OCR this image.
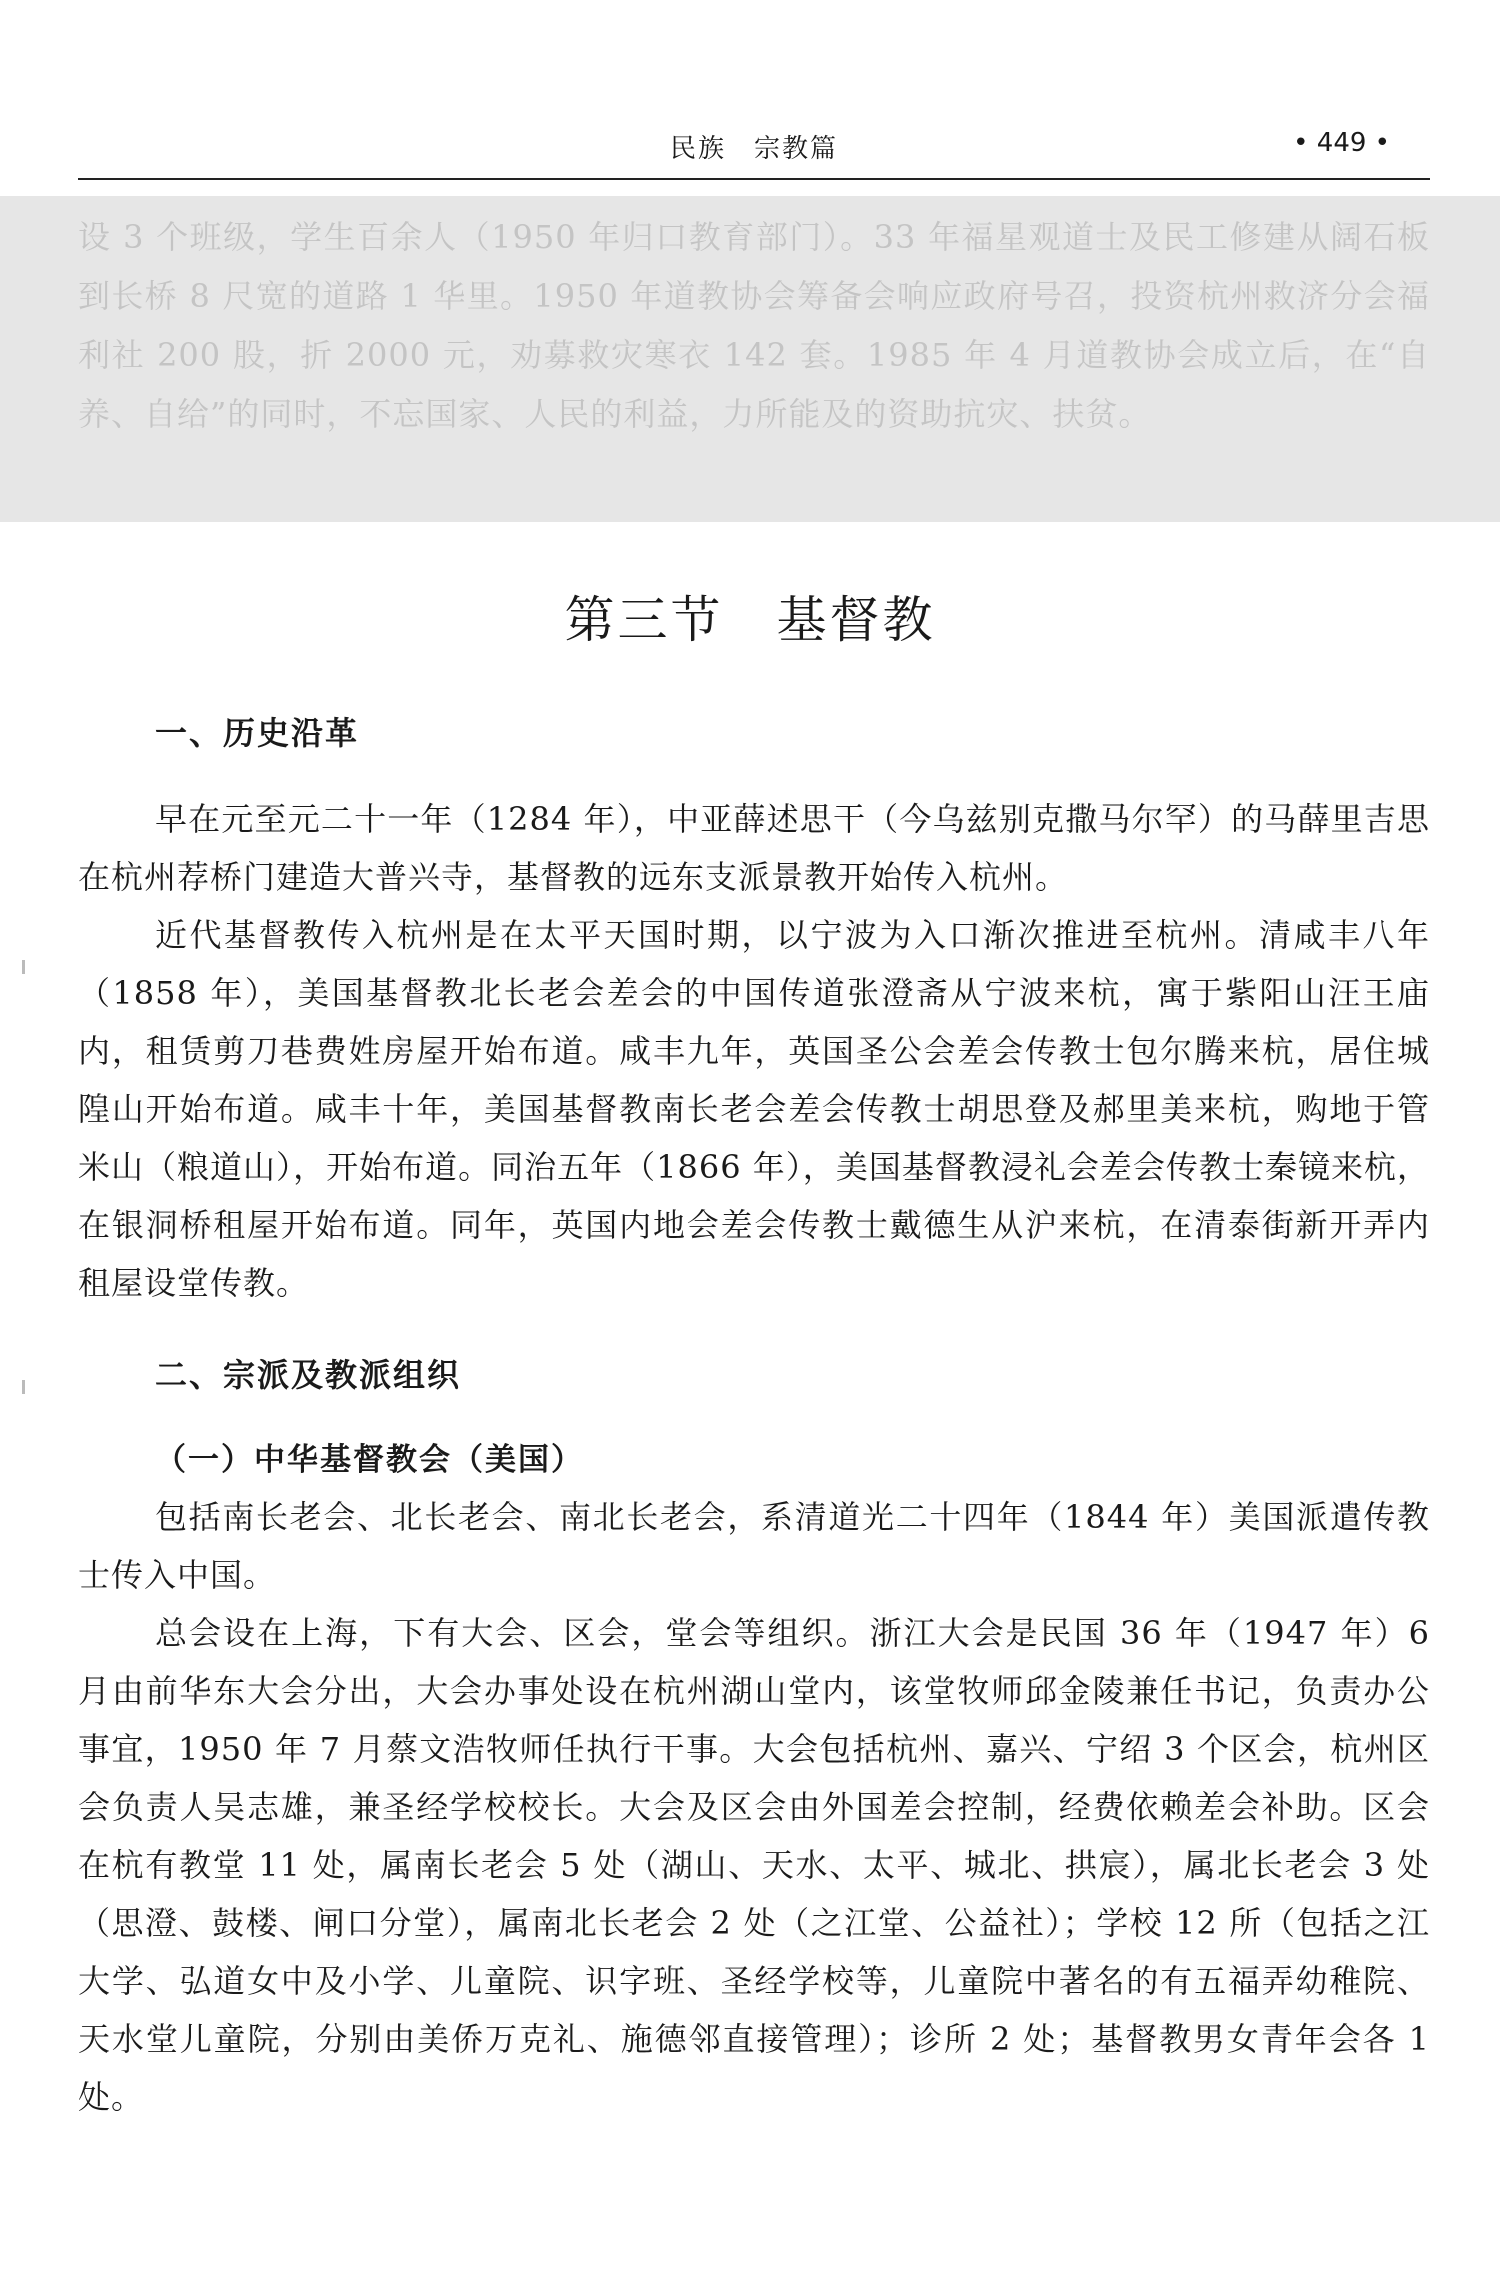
民族　宗教篇	• 449 •
设 3 个班级，学生百余人（1950 年归口教育部门）。33 年福星观道士及民工修建从阔石板到长桥 8 尺宽的道路 1 华里。1950 年道教协会筹备会响应政府号召，投资杭州救济分会福利社 200 股，折 2000 元，劝募救灾寒衣 142 套。1985 年 4 月道教协会成立后，在“自养、自给”的同时，不忘国家、人民的利益，力所能及的资助抗灾、扶贫。
第三节　基督教
一、历史沿革
早在元至元二十一年（1284 年），中亚薛述思干（今乌兹别克撒马尔罕）的马薛里吉思在杭州荐桥门建造大普兴寺，基督教的远东支派景教开始传入杭州。
近代基督教传入杭州是在太平天国时期，以宁波为入口渐次推进至杭州。清咸丰八年（1858 年），美国基督教北长老会差会的中国传道张澄斋从宁波来杭，寓于紫阳山汪王庙内，租赁剪刀巷费姓房屋开始布道。咸丰九年，英国圣公会差会传教士包尔腾来杭，居住城隍山开始布道。咸丰十年，美国基督教南长老会差会传教士胡思登及郝里美来杭，购地于管米山（粮道山），开始布道。同治五年（1866 年），美国基督教浸礼会差会传教士秦镜来杭，在银洞桥租屋开始布道。同年，英国内地会差会传教士戴德生从沪来杭，在清泰街新开弄内租屋设堂传教。
二、宗派及教派组织
（一）中华基督教会（美国）
包括南长老会、北长老会、南北长老会，系清道光二十四年（1844 年）美国派遣传教士传入中国。
总会设在上海，下有大会、区会，堂会等组织。浙江大会是民国 36 年（1947 年）6 月由前华东大会分出，大会办事处设在杭州湖山堂内，该堂牧师邱金陵兼任书记，负责办公事宜，1950 年 7 月蔡文浩牧师任执行干事。大会包括杭州、嘉兴、宁绍 3 个区会，杭州区会负责人吴志雄，兼圣经学校校长。大会及区会由外国差会控制，经费依赖差会补助。区会在杭有教堂 11 处，属南长老会 5 处（湖山、天水、太平、城北、拱宸），属北长老会 3 处（思澄、鼓楼、闸口分堂），属南北长老会 2 处（之江堂、公益社）；学校 12 所（包括之江大学、弘道女中及小学、儿童院、识字班、圣经学校等，儿童院中著名的有五福弄幼稚院、天水堂儿童院，分别由美侨万克礼、施德邻直接管理）；诊所 2 处；基督教男女青年会各 1 处。
